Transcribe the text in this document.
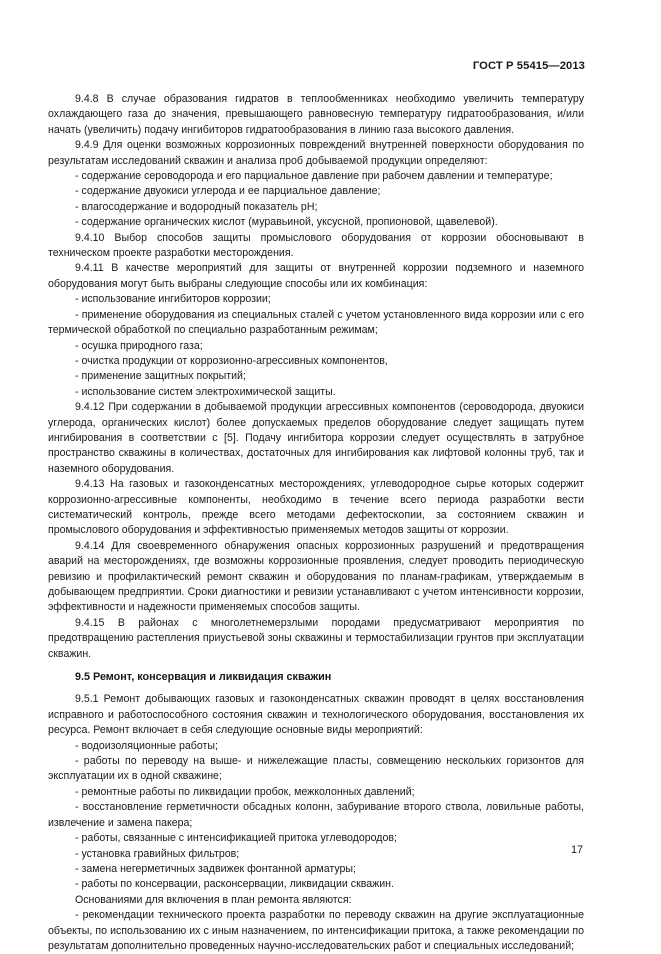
ГОСТ Р 55415—2013

9.4.8 В случае образования гидратов в теплообменниках необходимо увеличить температуру охлаждающего газа до значения, превышающего равновесную температуру гидратообразования, и/или начать (увеличить) подачу ингибиторов гидратообразования в линию газа высокого давления.

9.4.9 Для оценки возможных коррозионных повреждений внутренней поверхности оборудования по результатам исследований скважин и анализа проб добываемой продукции определяют:

- содержание сероводорода и его парциальное давление при рабочем давлении и температуре;

- содержание двуокиси углерода и ее парциальное давление;

- влагосодержание и водородный показатель pH;

- содержание органических кислот (муравьиной, уксусной, пропионовой, щавелевой).

9.4.10 Выбор способов защиты промыслового оборудования от коррозии обосновывают в техническом проекте разработки месторождения.

9.4.11 В качестве мероприятий для защиты от внутренней коррозии подземного и наземного оборудования могут быть выбраны следующие способы или их комбинация:

- использование ингибиторов коррозии;

- применение оборудования из специальных сталей с учетом установленного вида коррозии или с его термической обработкой по специально разработанным режимам;

- осушка природного газа;

- очистка продукции от коррозионно-агрессивных компонентов,

- применение защитных покрытий;

- использование систем электрохимической защиты.

9.4.12 При содержании в добываемой продукции агрессивных компонентов (сероводорода, двуокиси углерода, органических кислот) более допускаемых пределов оборудование следует защищать путем ингибирования в соответствии с [5]. Подачу ингибитора коррозии следует осуществлять в затрубное пространство скважины в количествах, достаточных для ингибирования как лифтовой колонны труб, так и наземного оборудования.

9.4.13 На газовых и газоконденсатных месторождениях, углеводородное сырье которых содержит коррозионно-агрессивные компоненты, необходимо в течение всего периода разработки вести систематический контроль, прежде всего методами дефектоскопии, за состоянием скважин и промыслового оборудования и эффективностью применяемых методов защиты от коррозии.

9.4.14 Для своевременного обнаружения опасных коррозионных разрушений и предотвращения аварий на месторождениях, где возможны коррозионные проявления, следует проводить периодическую ревизию и профилактический ремонт скважин и оборудования по планам-графикам, утверждаемым в добывающем предприятии. Сроки диагностики и ревизии устанавливают с учетом интенсивности коррозии, эффективности и надежности применяемых способов защиты.

9.4.15 В районах с многолетнемерзлыми породами предусматривают мероприятия по предотвращению растепления приустьевой зоны скважины и термостабилизации грунтов при эксплуатации скважин.

9.5 Ремонт, консервация и ликвидация скважин

9.5.1 Ремонт добывающих газовых и газоконденсатных скважин проводят в целях восстановления исправного и работоспособного состояния скважин и технологического оборудования, восстановления их ресурса. Ремонт включает в себя следующие основные виды мероприятий:

- водоизоляционные работы;

- работы по переводу на выше- и нижележащие пласты, совмещению нескольких горизонтов для эксплуатации их в одной скважине;

- ремонтные работы по ликвидации пробок, межколонных давлений;

- восстановление герметичности обсадных колонн, забуривание второго ствола, ловильные работы, извлечение и замена пакера;

- работы, связанные с интенсификацией притока углеводородов;

- установка гравийных фильтров;

- замена негерметичных задвижек фонтанной арматуры;

- работы по консервации, расконсервации, ликвидации скважин.

Основаниями для включения в план ремонта являются:

- рекомендации технического проекта разработки по переводу скважин на другие эксплуатационные объекты, по использованию их с иным назначением, по интенсификации притока, а также рекомендации по результатам дополнительно проведенных научно-исследовательских работ и специальных исследований;

17
